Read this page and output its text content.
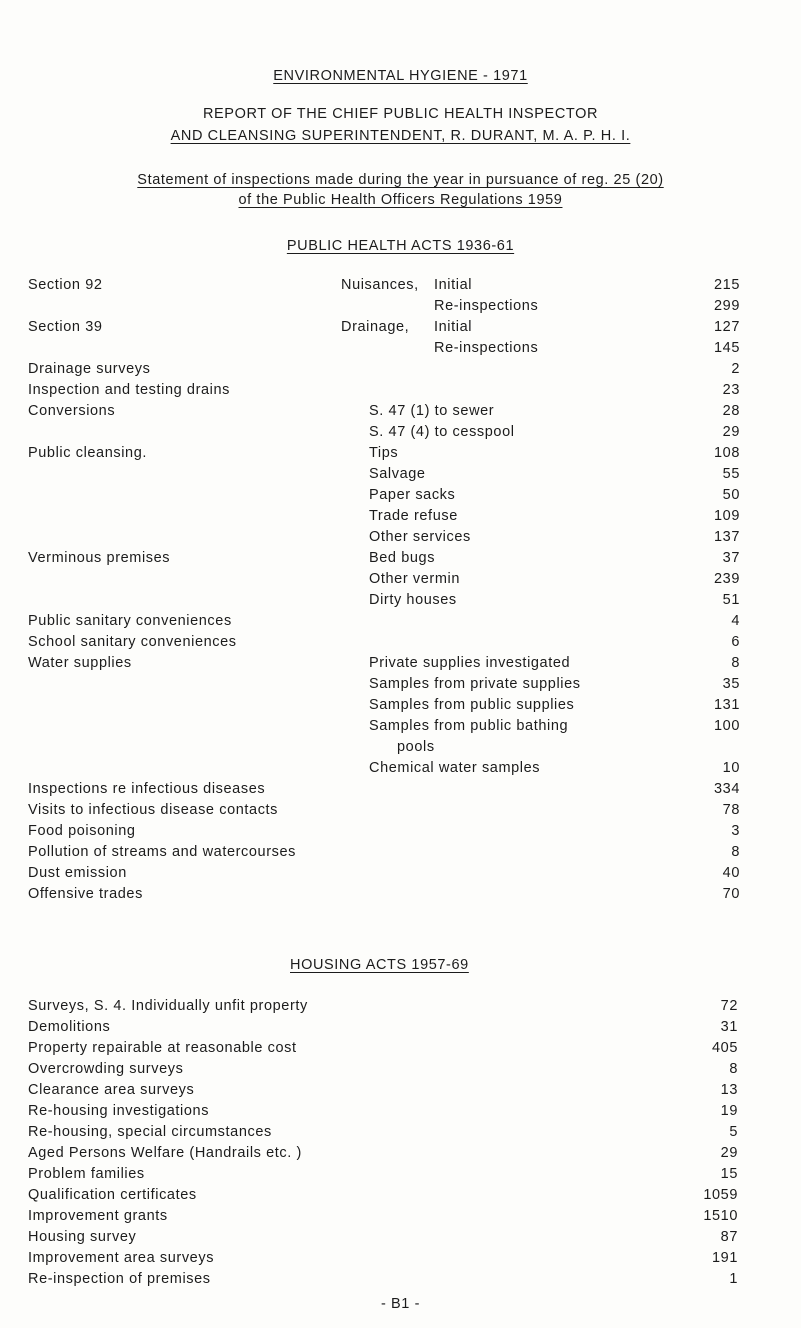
ENVIRONMENTAL HYGIENE - 1971
REPORT OF THE CHIEF PUBLIC HEALTH INSPECTOR
AND CLEANSING SUPERINTENDENT, R. DURANT, M. A. P. H. I.
Statement of inspections made during the year in pursuance of reg. 25 (20)
of the Public Health Officers Regulations 1959
PUBLIC HEALTH ACTS 1936-61
Section 92	Nuisances, Initial	215
Re-inspections	299
Section 39	Drainage, Initial	127
Re-inspections	145
Drainage surveys	2
Inspection and testing drains	23
Conversions	S. 47 (1) to sewer	28
S. 47 (4) to cesspool	29
Public cleansing.	Tips	108
Salvage	55
Paper sacks	50
Trade refuse	109
Other services	137
Verminous premises	Bed bugs	37
Other vermin	239
Dirty houses	51
Public sanitary conveniences	4
School sanitary conveniences	6
Water supplies	Private supplies investigated	8
Samples from private supplies	35
Samples from public supplies	131
Samples from public bathing	100
pools
Chemical water samples	10
Inspections re infectious diseases	334
Visits to infectious disease contacts	78
Food poisoning	3
Pollution of streams and watercourses	8
Dust emission	40
Offensive trades	70
HOUSING ACTS 1957-69
Surveys, S. 4. Individually unfit property	72
Demolitions	31
Property repairable at reasonable cost	405
Overcrowding surveys	8
Clearance area surveys	13
Re-housing investigations	19
Re-housing, special circumstances	5
Aged Persons Welfare (Handrails etc. )	29
Problem families	15
Qualification certificates	1059
Improvement grants	1510
Housing survey	87
Improvement area surveys	191
Re-inspection of premises	1
- B1 -
